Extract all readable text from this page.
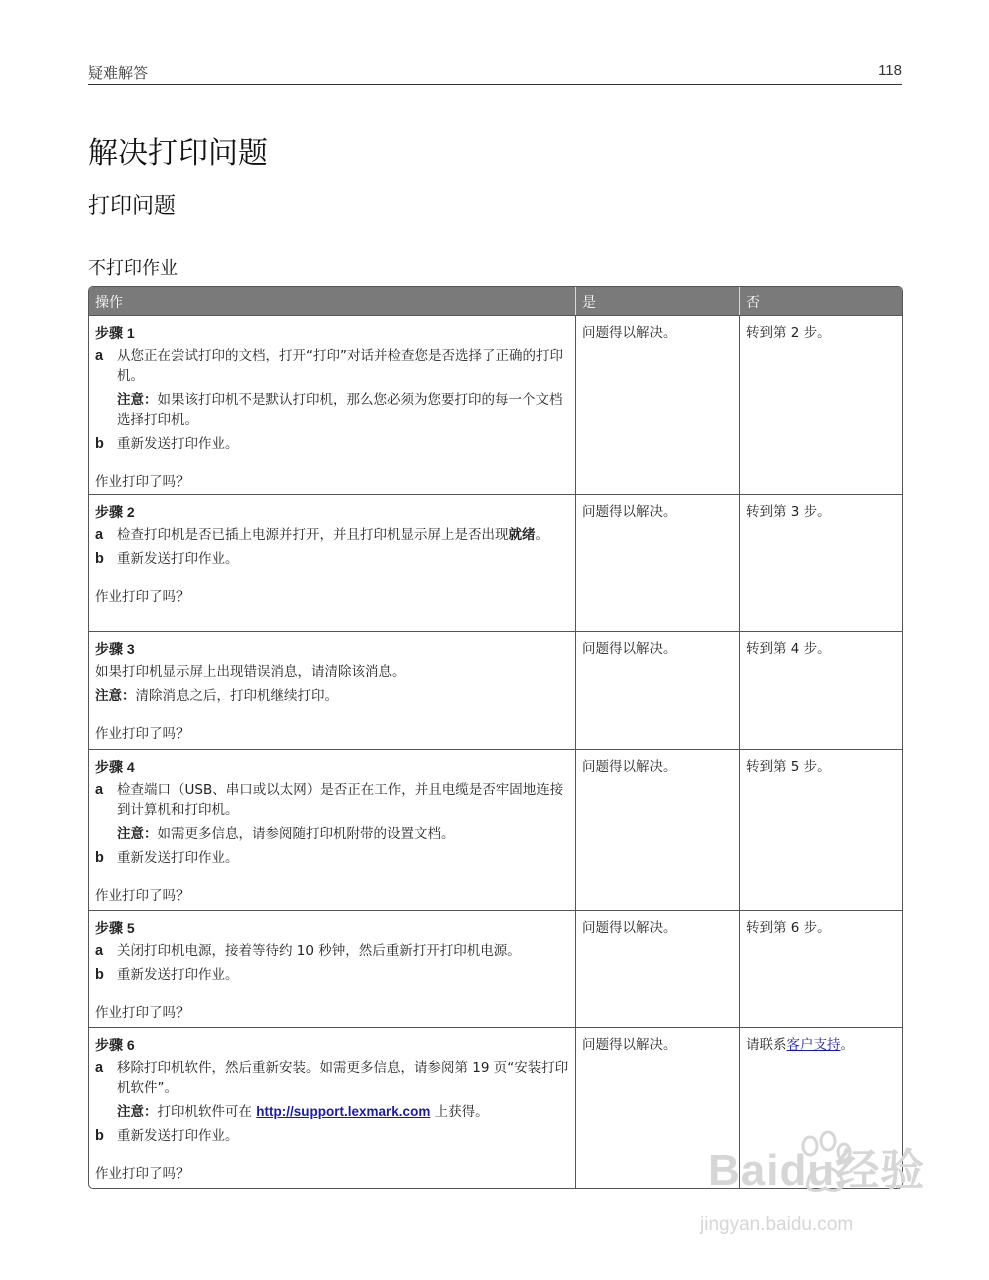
疑难解答	118
解决打印问题
打印问题
不打印作业
操作	是	否
步骤 1
a	从您正在尝试打印的文档，打开“打印”对话并检查您是否选择了正确的打印机。
注意：如果该打印机不是默认打印机，那么您必须为您要打印的每一个文档选择打印机。
b 重新发送打印作业。
作业打印了吗？
问题得以解决。	转到第 2 步。
步骤 2
a	检查打印机是否已插上电源并打开，并且打印机显示屏上是否出现就绪。
b 重新发送打印作业。
作业打印了吗？
问题得以解决。	转到第 3 步。
步骤 3
如果打印机显示屏上出现错误消息，请清除该消息。
注意：清除消息之后，打印机继续打印。
作业打印了吗？
问题得以解决。	转到第 4 步。
步骤 4
a	检查端口（USB、串口或以太网）是否正在工作，并且电缆是否牢固地连接到计算机和打印机。
注意：如需更多信息，请参阅随打印机附带的设置文档。
b 重新发送打印作业。
作业打印了吗？
问题得以解决。	转到第 5 步。
步骤 5
a	关闭打印机电源，接着等待约 10 秒钟，然后重新打开打印机电源。
b 重新发送打印作业。
作业打印了吗？
问题得以解决。	转到第 6 步。
步骤 6
a	移除打印机软件，然后重新安装。如需更多信息，请参阅第 19 页“安装打印机软件”。
注意：打印机软件可在 http://support.lexmark.com 上获得。
b 重新发送打印作业。
作业打印了吗？
问题得以解决。	请联系客户支持。
Baidu经验
jingyan.baidu.com
